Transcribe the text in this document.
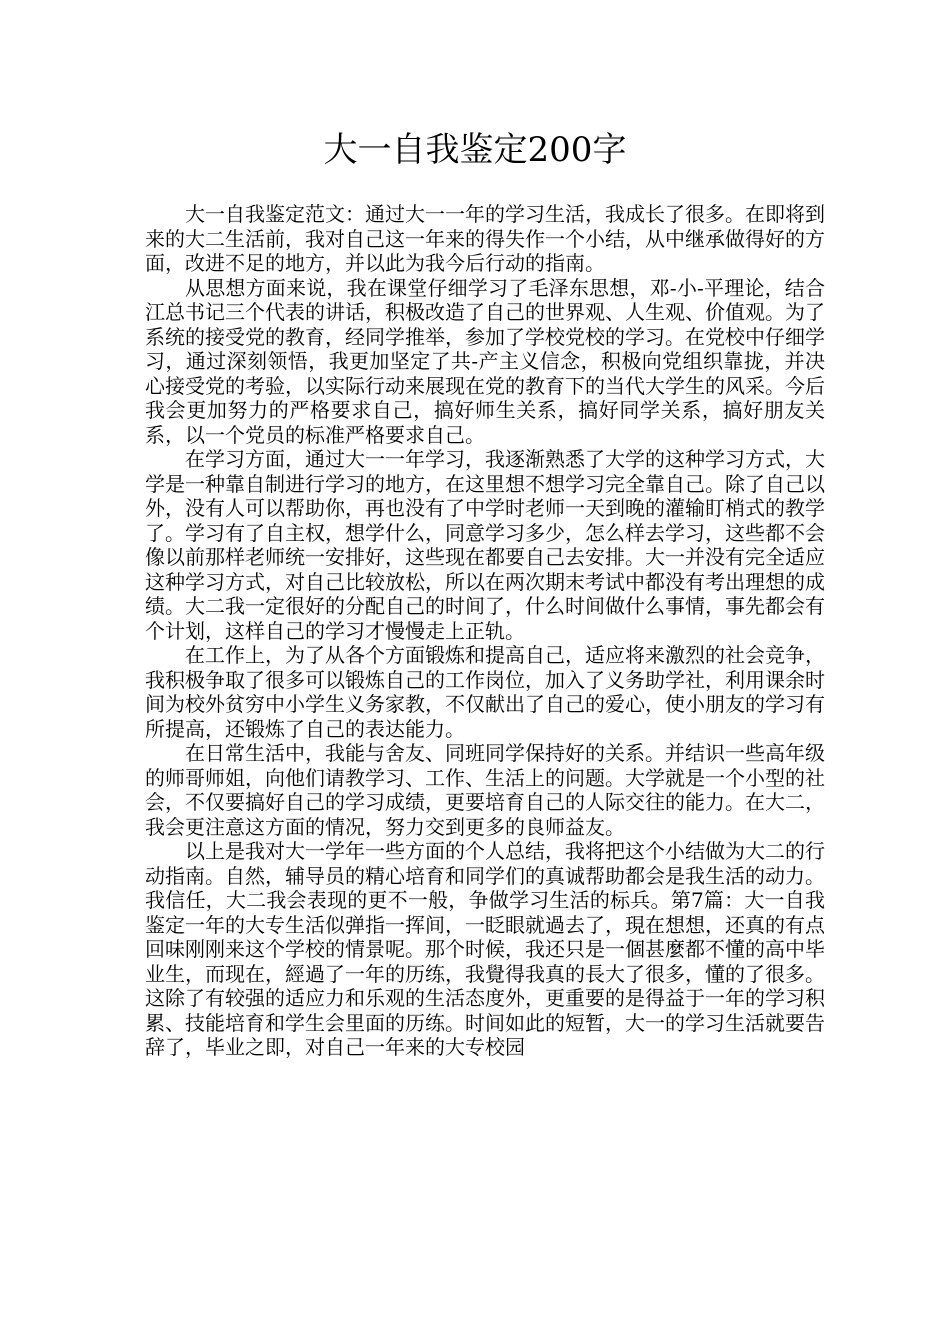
大一自我鉴定200字

大一自我鉴定范文：通过大一一年的学习生活，我成长了很多。在即将到来的大二生活前，我对自己这一年来的得失作一个小结，从中继承做得好的方面，改进不足的地方，并以此为我今后行动的指南。

从思想方面来说，我在课堂仔细学习了毛泽东思想，邓-小-平理论，结合江总书记三个代表的讲话，积极改造了自己的世界观、人生观、价值观。为了系统的接受党的教育，经同学推举，参加了学校党校的学习。在党校中仔细学习，通过深刻领悟，我更加坚定了共-产主义信念，积极向党组织靠拢，并决心接受党的考验，以实际行动来展现在党的教育下的当代大学生的风采。今后我会更加努力的严格要求自己，搞好师生关系，搞好同学关系，搞好朋友关系，以一个党员的标准严格要求自己。

在学习方面，通过大一一年学习，我逐渐熟悉了大学的这种学习方式，大学是一种靠自制进行学习的地方，在这里想不想学习完全靠自己。除了自己以外，没有人可以帮助你，再也没有了中学时老师一天到晚的灌输盯梢式的教学了。学习有了自主权，想学什么，同意学习多少，怎么样去学习，这些都不会像以前那样老师统一安排好，这些现在都要自己去安排。大一并没有完全适应这种学习方式，对自己比较放松，所以在两次期末考试中都没有考出理想的成绩。大二我一定很好的分配自己的时间了，什么时间做什么事情，事先都会有个计划，这样自己的学习才慢慢走上正轨。

在工作上，为了从各个方面锻炼和提高自己，适应将来激烈的社会竞争，我积极争取了很多可以锻炼自己的工作岗位，加入了义务助学社，利用课余时间为校外贫穷中小学生义务家教，不仅献出了自己的爱心，使小朋友的学习有所提高，还锻炼了自己的表达能力。

在日常生活中，我能与舍友、同班同学保持好的关系。并结识一些高年级的师哥师姐，向他们请教学习、工作、生活上的问题。大学就是一个小型的社会，不仅要搞好自己的学习成绩，更要培育自己的人际交往的能力。在大二，我会更注意这方面的情况，努力交到更多的良师益友。

以上是我对大一学年一些方面的个人总结，我将把这个小结做为大二的行动指南。自然，辅导员的精心培育和同学们的真诚帮助都会是我生活的动力。我信任，大二我会表现的更不一般，争做学习生活的标兵。第7篇：大一自我鉴定一年的大专生活似弹指一挥间，一眨眼就過去了，現在想想，还真的有点回味刚刚来这个学校的情景呢。那个时候，我还只是一個甚麼都不懂的高中毕业生，而现在，經過了一年的历练，我覺得我真的長大了很多，懂的了很多。这除了有较强的适应力和乐观的生活态度外，更重要的是得益于一年的学习积累、技能培育和学生会里面的历练。时间如此的短暂，大一的学习生活就要告辞了，毕业之即，对自己一年来的大专校园
